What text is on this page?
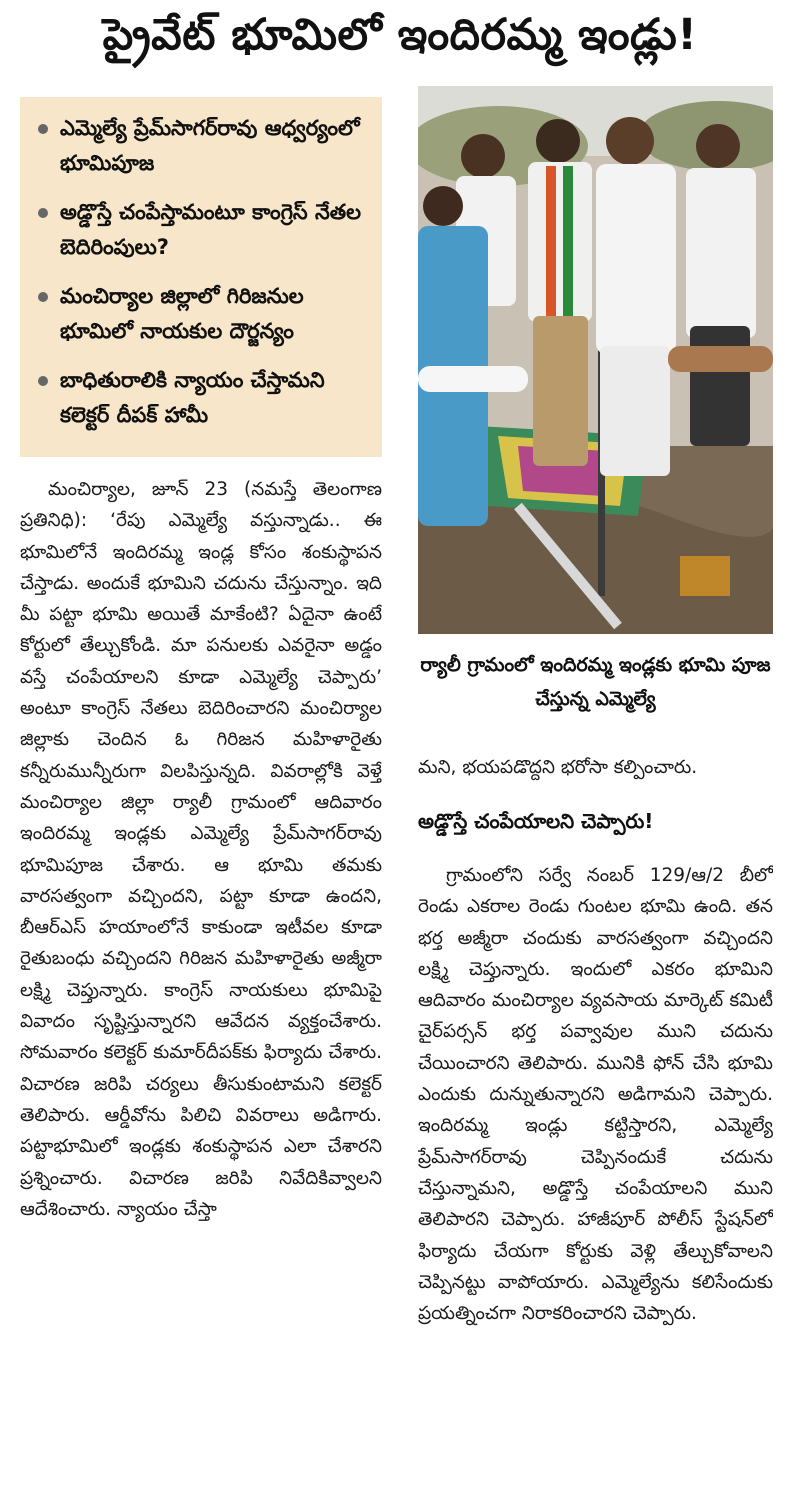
ప్రైవేట్ భూమిలో ఇందిరమ్మ ఇండ్లు!
ఎమ్మెల్యే ప్రేమ్‌సాగర్‌రావు ఆధ్వర్యంలో భూమిపూజ
అడ్డొస్తే చంపేస్తామంటూ కాంగ్రెస్ నేతల బెదిరింపులు?
మంచిర్యాల జిల్లాలో గిరిజనుల భూమిలో నాయకుల దౌర్జన్యం
బాధితురాలికి న్యాయం చేస్తామని కలెక్టర్ దీపక్ హామీ
ర్యాలీ గ్రామంలో ఇందిరమ్మ ఇండ్లకు భూమి పూజ చేస్తున్న ఎమ్మెల్యే

మంచిర్యాల, జూన్ 23 (నమస్తే తెలంగాణ ప్రతినిధి): ‘రేపు ఎమ్మెల్యే వస్తున్నాడు.. ఈ భూమిలోనే ఇందిరమ్మ ఇండ్ల కోసం శంకుస్థాపన చేస్తాడు. అందుకే భూమిని చదును చేస్తున్నాం. ఇది మీ పట్టా భూమి అయితే మాకేంటి? ఏదైనా ఉంటే కోర్టులో తేల్చుకోండి. మా పనులకు ఎవరైనా అడ్డం వస్తే చంపేయాలని కూడా ఎమ్మెల్యే చెప్పారు’ అంటూ కాంగ్రెస్ నేతలు బెదిరించారని మంచిర్యాల జిల్లాకు చెందిన ఓ గిరిజన మహిళారైతు కన్నీరుమున్నీరుగా విలపిస్తున్నది. వివరాల్లోకి వెళ్తే మంచిర్యాల జిల్లా ర్యాలీ గ్రామంలో ఆదివారం ఇందిరమ్మ ఇండ్లకు ఎమ్మెల్యే ప్రేమ్‌సాగర్‌రావు భూమిపూజ చేశారు. ఆ భూమి తమకు వారసత్వంగా వచ్చిందని, పట్టా కూడా ఉందని, బీఆర్‌ఎస్ హయాంలోనే కాకుండా ఇటీవల కూడా రైతుబంధు వచ్చిందని గిరిజన మహిళారైతు అజ్మీరా లక్ష్మి చెప్తున్నారు. కాంగ్రెస్ నాయకులు భూమిపై వివాదం సృష్టిస్తున్నారని ఆవేదన వ్యక్తంచేశారు. సోమవారం కలెక్టర్ కుమార్‌దీపక్‌కు ఫిర్యాదు చేశారు. విచారణ జరిపి చర్యలు తీసుకుంటామని కలెక్టర్ తెలిపారు. ఆర్డీవోను పిలిచి వివరాలు అడిగారు. పట్టాభూమిలో ఇండ్లకు శంకుస్థాపన ఎలా చేశారని ప్రశ్నించారు. విచారణ జరిపి నివేదికివ్వాలని ఆదేశించారు. న్యాయం చేస్తా

మని, భయపడొద్దని భరోసా కల్పించారు.

అడ్డొస్తే చంపేయాలని చెప్పారు!

గ్రామంలోని సర్వే నంబర్ 129/ఆ/2 బీలో రెండు ఎకరాల రెండు గుంటల భూమి ఉంది. తన భర్త అజ్మీరా చందుకు వారసత్వంగా వచ్చిందని లక్ష్మి చెప్తున్నారు. ఇందులో ఎకరం భూమిని ఆదివారం మంచిర్యాల వ్యవసాయ మార్కెట్ కమిటీ చైర్‌పర్సన్ భర్త పవ్వావుల ముని చదును చేయించారని తెలిపారు. మునికి ఫోన్ చేసి భూమి ఎందుకు దున్నుతున్నారని అడిగామని చెప్పారు. ఇందిరమ్మ ఇండ్లు కట్టిస్తారని, ఎమ్మెల్యే ప్రేమ్‌సాగర్‌రావు చెప్పినందుకే చదును చేస్తున్నామని, అడ్డొస్తే చంపేయాలని ముని తెలిపారని చెప్పారు. హాజీపూర్ పోలీస్ స్టేషన్‌లో ఫిర్యాదు చేయగా కోర్టుకు వెళ్లి తేల్చుకోవాలని చెప్పినట్టు వాపోయారు. ఎమ్మెల్యేను కలిసేందుకు ప్రయత్నించగా నిరాకరించారని చెప్పారు.
